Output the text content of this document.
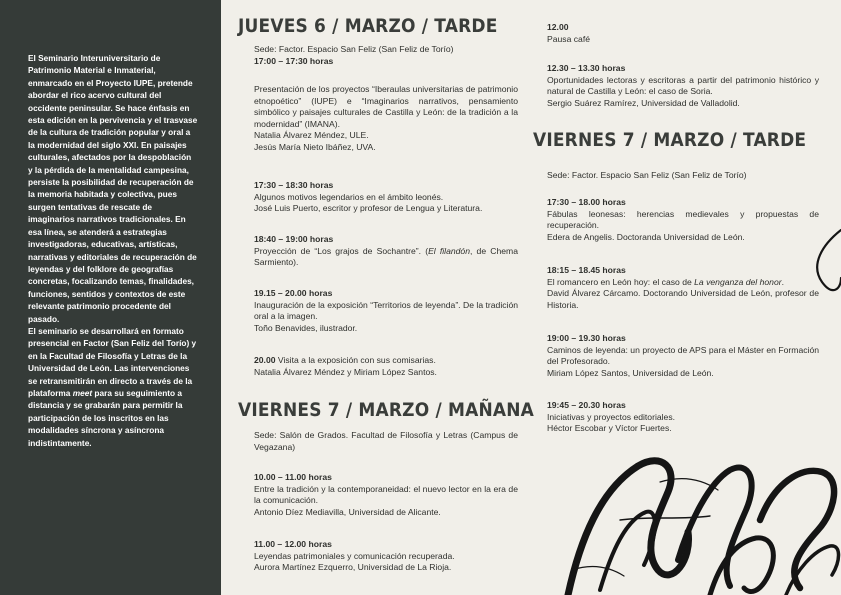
El Seminario Interuniversitario de Patrimonio Material e Inmaterial, enmarcado en el Proyecto IUPE, pretende abordar el rico acervo cultural del occidente peninsular. Se hace énfasis en esta edición en la pervivencia y el trasvase de la cultura de tradición popular y oral a la modernidad del siglo XXI. En paisajes culturales, afectados por la despoblación y la pérdida de la mentalidad campesina, persiste la posibilidad de recuperación de la memoria habitada y colectiva, pues surgen tentativas de rescate de imaginarios narrativos tradicionales. En esa línea, se atenderá a estrategias investigadoras, educativas, artísticas, narrativas y editoriales de recuperación de leyendas y del folklore de geografías concretas, focalizando temas, finalidades, funciones, sentidos y contextos de este relevante patrimonio procedente del pasado.

El seminario se desarrollará en formato presencial en Factor (San Feliz del Torío) y en la Facultad de Filosofía y Letras de la Universidad de León. Las intervenciones se retransmitirán en directo a través de la plataforma meet para su seguimiento a distancia y se grabarán para permitir la participación de los inscritos en las modalidades síncrona y asíncrona indistintamente.

JUEVES 6 / MARZO / TARDE

Sede: Factor. Espacio San Feliz (San Feliz de Torío)

17:00 – 17:30 horas

Presentación de los proyectos “Iberaulas universitarias de patrimonio etnopoético” (IUPE) e “Imaginarios narrativos, pensamiento simbólico y paisajes culturales de Castilla y León: de la tradición a la modernidad” (IMANA).

Natalia Álvarez Méndez, ULE.

Jesús María Nieto Ibáñez, UVA.

17:30 – 18:30 horas

Algunos motivos legendarios en el ámbito leonés.

José Luis Puerto, escritor y profesor de Lengua y Literatura.

18:40 – 19:00 horas

Proyección de “Los grajos de Sochantre”. (El filandón, de Chema Sarmiento).

19.15 – 20.00 horas

Inauguración de la exposición “Territorios de leyenda”. De la tradición oral a la imagen.

Toño Benavides, ilustrador.

20.00 Visita a la exposición con sus comisarias.

Natalia Álvarez Méndez y Miriam López Santos.

VIERNES 7 / MARZO / MAÑANA

Sede: Salón de Grados. Facultad de Filosofía y Letras (Campus de Vegazana)

10.00 – 11.00 horas

Entre la tradición y la contemporaneidad: el nuevo lector en la era de la comunicación.

Antonio Díez Mediavilla, Universidad de Alicante.

11.00 – 12.00 horas

Leyendas patrimoniales y comunicación recuperada.

Aurora Martínez Ezquerro, Universidad de La Rioja.

12.00

Pausa café

12.30 – 13.30 horas

Oportunidades lectoras y escritoras a partir del patrimonio histórico y natural de Castilla y León: el caso de Soria.

Sergio Suárez Ramírez, Universidad de Valladolid.

VIERNES 7 / MARZO / TARDE

Sede: Factor. Espacio San Feliz (San Feliz de Torío)

17:30 – 18.00 horas

Fábulas leonesas: herencias medievales y propuestas de recuperación.

Edera de Angelis. Doctoranda Universidad de León.

18:15 – 18.45 horas

El romancero en León hoy: el caso de La venganza del honor.

David Álvarez Cárcamo. Doctorando Universidad de León, profesor de Historia.

19:00 – 19.30 horas

Caminos de leyenda: un proyecto de APS para el Máster en Formación del Profesorado.

Miriam López Santos, Universidad de León.

19:45 – 20.30 horas

Iniciativas y proyectos editoriales.

Héctor Escobar y Víctor Fuertes.
